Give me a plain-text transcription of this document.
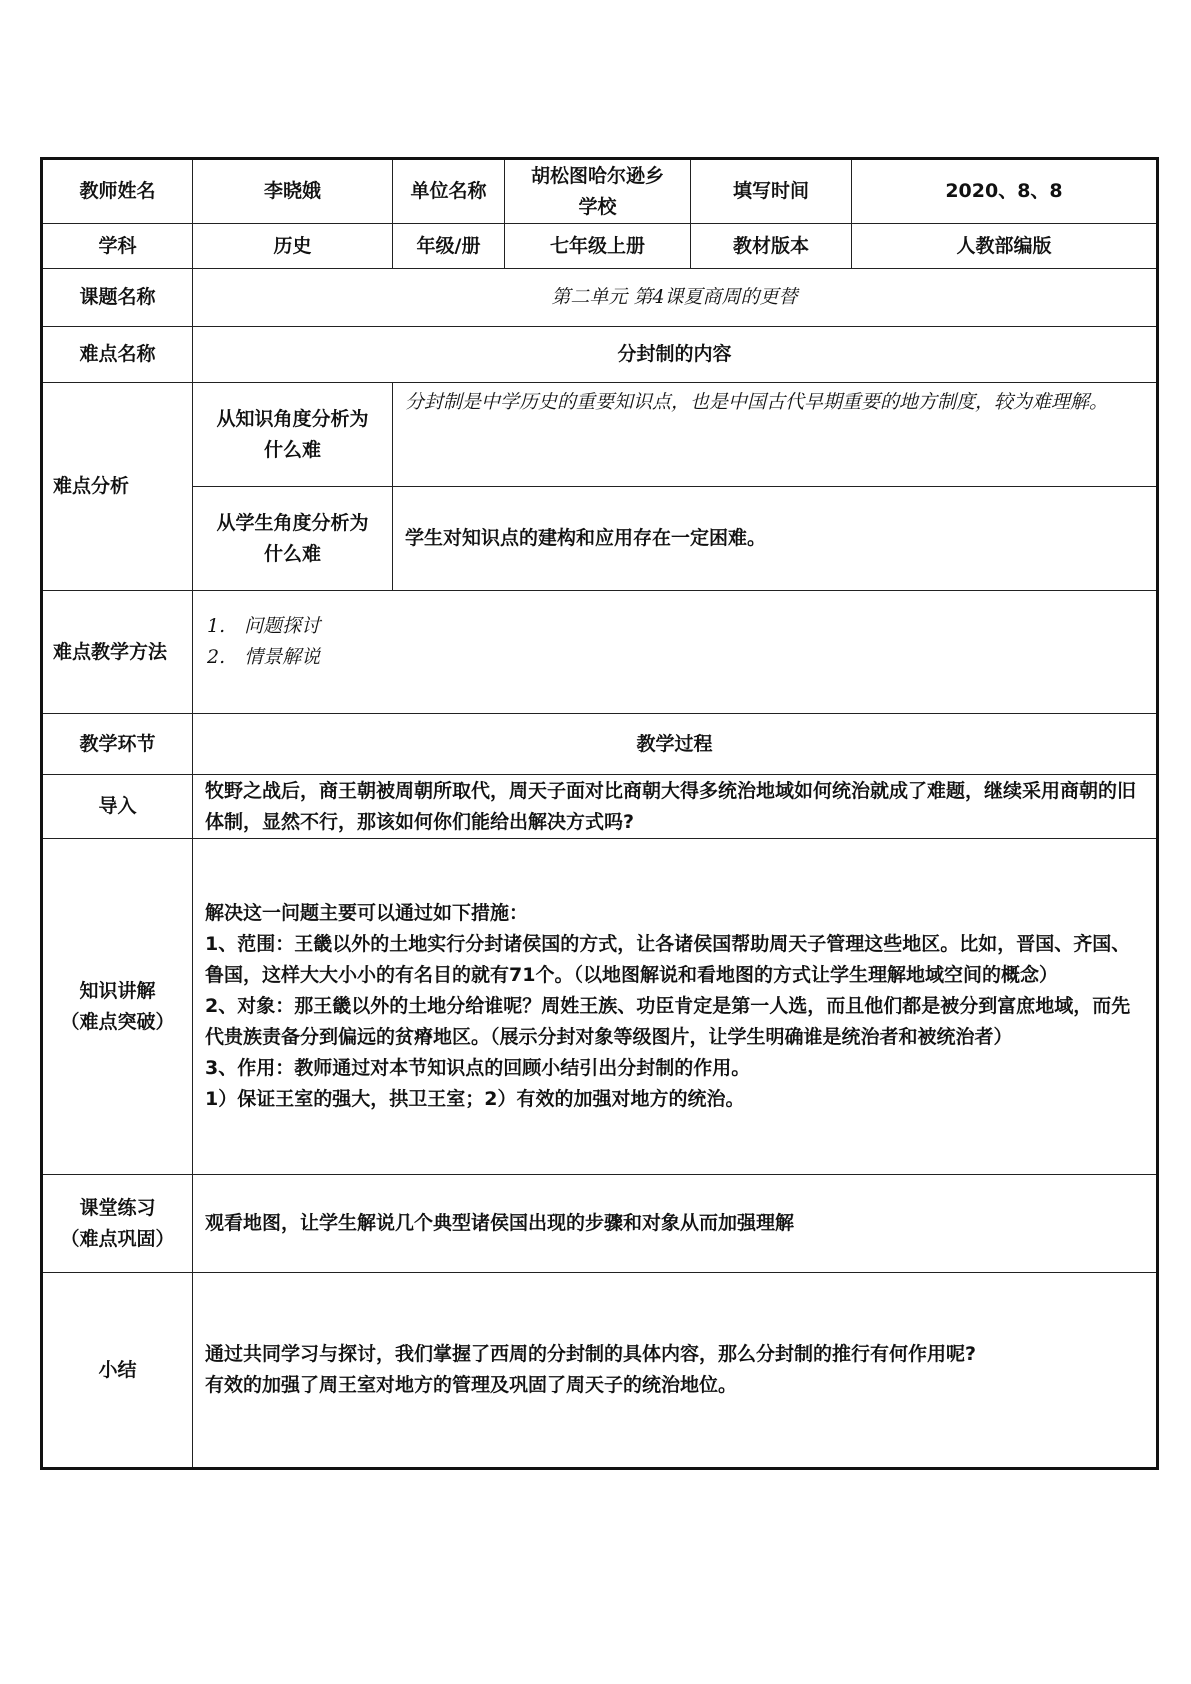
教师姓名	李晓娥	单位名称	胡松图哈尔逊乡学校	填写时间	2020、8、8
学科	历史	年级/册	七年级上册	教材版本	人教部编版
课题名称	第二单元 第4课夏商周的更替				
难点名称	分封制的内容				
难点分析	从知识角度分析为什么难	分封制是中学历史的重要知识点，也是中国古代早期重要的地方制度，较为难理解。			
	从学生角度分析为什么难	学生对知识点的建构和应用存在一定困难。			
难点教学方法	1.　问题探讨
2.　情景解说				

教学环节	教学过程				
导入	牧野之战后，商王朝被周朝所取代，周天子面对比商朝大得多统治地域如何统治就成了难题，继续采用商朝的旧体制，显然不行，那该如何你们能给出解决方式吗?				

知识讲解
（难点突破）	解决这一问题主要可以通过如下措施：
1、范围：王畿以外的土地实行分封诸侯国的方式，让各诸侯国帮助周天子管理这些地区。比如，晋国、齐国、鲁国，这样大大小小的有名目的就有71个。（以地图解说和看地图的方式让学生理解地域空间的概念）
2、对象：那王畿以外的土地分给谁呢？周姓王族、功臣肯定是第一人选，而且他们都是被分到富庶地域，而先代贵族责备分到偏远的贫瘠地区。（展示分封对象等级图片，让学生明确谁是统治者和被统治者）
3、作用：教师通过对本节知识点的回顾小结引出分封制的作用。
1）保证王室的强大，拱卫王室；2）有效的加强对地方的统治。				

课堂练习
（难点巩固）	观看地图，让学生解说几个典型诸侯国出现的步骤和对象从而加强理解				
小结	通过共同学习与探讨，我们掌握了西周的分封制的具体内容，那么分封制的推行有何作用呢?
有效的加强了周王室对地方的管理及巩固了周天子的统治地位。				
